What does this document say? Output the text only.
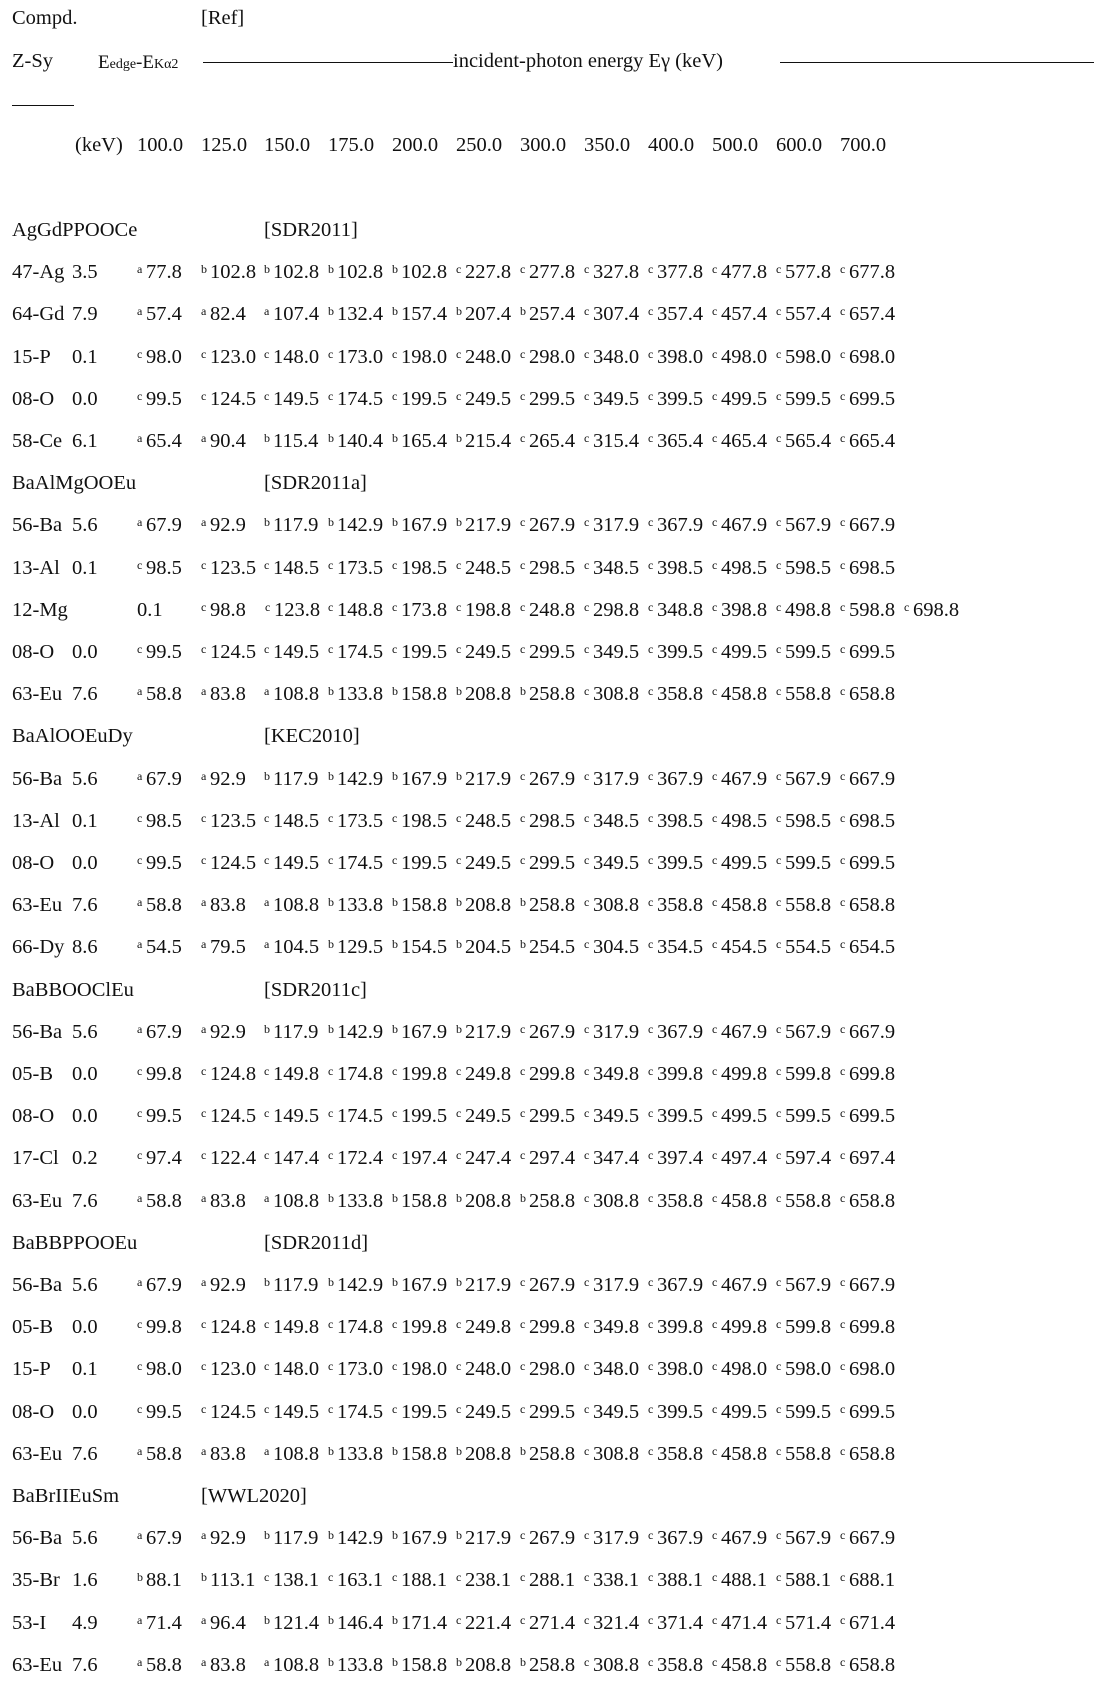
Compd.	[Ref]
Z-Sy Eedge-EKα2	incident-photon energy Eγ (keV)
(keV) 100.0 125.0 150.0 175.0 200.0 250.0 300.0 350.0 400.0 500.0 600.0 700.0
AgGdPPOOCe	[SDR2011]
47-Ag 3.5	a 77.8 b 102.8 b 102.8 b 102.8 b 102.8 c 227.8 c 277.8 c 327.8 c 377.8 c 477.8 c 577.8 c 677.8
64-Gd 7.9	a 57.4 a 82.4 a 107.4 b 132.4 b 157.4 b 207.4 b 257.4 c 307.4 c 357.4 c 457.4 c 557.4 c 657.4
15-P 0.1	c 98.0 c 123.0 c 148.0 c 173.0 c 198.0 c 248.0 c 298.0 c 348.0 c 398.0 c 498.0 c 598.0 c 698.0
08-O 0.0	c 99.5 c 124.5 c 149.5 c 174.5 c 199.5 c 249.5 c 299.5 c 349.5 c 399.5 c 499.5 c 599.5 c 699.5
58-Ce 6.1	a 65.4 a 90.4 b 115.4 b 140.4 b 165.4 b 215.4 c 265.4 c 315.4 c 365.4 c 465.4 c 565.4 c 665.4
BaAlMgOOEu	[SDR2011a]
56-Ba 5.6	a 67.9 a 92.9 b 117.9 b 142.9 b 167.9 b 217.9 c 267.9 c 317.9 c 367.9 c 467.9 c 567.9 c 667.9
13-Al 0.1	c 98.5 c 123.5 c 148.5 c 173.5 c 198.5 c 248.5 c 298.5 c 348.5 c 398.5 c 498.5 c 598.5 c 698.5
12-Mg	0.1	c 98.8 c 123.8 c 148.8 c 173.8 c 198.8 c 248.8 c 298.8 c 348.8 c 398.8 c 498.8 c 598.8 c 698.8
08-O 0.0	c 99.5 c 124.5 c 149.5 c 174.5 c 199.5 c 249.5 c 299.5 c 349.5 c 399.5 c 499.5 c 599.5 c 699.5
63-Eu 7.6	a 58.8 a 83.8 a 108.8 b 133.8 b 158.8 b 208.8 b 258.8 c 308.8 c 358.8 c 458.8 c 558.8 c 658.8
BaAlOOEuDy	[KEC2010]
56-Ba 5.6	a 67.9 a 92.9 b 117.9 b 142.9 b 167.9 b 217.9 c 267.9 c 317.9 c 367.9 c 467.9 c 567.9 c 667.9
13-Al 0.1	c 98.5 c 123.5 c 148.5 c 173.5 c 198.5 c 248.5 c 298.5 c 348.5 c 398.5 c 498.5 c 598.5 c 698.5
08-O 0.0	c 99.5 c 124.5 c 149.5 c 174.5 c 199.5 c 249.5 c 299.5 c 349.5 c 399.5 c 499.5 c 599.5 c 699.5
63-Eu 7.6	a 58.8 a 83.8 a 108.8 b 133.8 b 158.8 b 208.8 b 258.8 c 308.8 c 358.8 c 458.8 c 558.8 c 658.8
66-Dy 8.6	a 54.5 a 79.5 a 104.5 b 129.5 b 154.5 b 204.5 b 254.5 c 304.5 c 354.5 c 454.5 c 554.5 c 654.5
BaBBOOClEu	[SDR2011c]
56-Ba 5.6	a 67.9 a 92.9 b 117.9 b 142.9 b 167.9 b 217.9 c 267.9 c 317.9 c 367.9 c 467.9 c 567.9 c 667.9
05-B 0.0	c 99.8 c 124.8 c 149.8 c 174.8 c 199.8 c 249.8 c 299.8 c 349.8 c 399.8 c 499.8 c 599.8 c 699.8
08-O 0.0	c 99.5 c 124.5 c 149.5 c 174.5 c 199.5 c 249.5 c 299.5 c 349.5 c 399.5 c 499.5 c 599.5 c 699.5
17-Cl 0.2	c 97.4 c 122.4 c 147.4 c 172.4 c 197.4 c 247.4 c 297.4 c 347.4 c 397.4 c 497.4 c 597.4 c 697.4
63-Eu 7.6	a 58.8 a 83.8 a 108.8 b 133.8 b 158.8 b 208.8 b 258.8 c 308.8 c 358.8 c 458.8 c 558.8 c 658.8
BaBBPPOOEu	[SDR2011d]
56-Ba 5.6	a 67.9 a 92.9 b 117.9 b 142.9 b 167.9 b 217.9 c 267.9 c 317.9 c 367.9 c 467.9 c 567.9 c 667.9
05-B 0.0	c 99.8 c 124.8 c 149.8 c 174.8 c 199.8 c 249.8 c 299.8 c 349.8 c 399.8 c 499.8 c 599.8 c 699.8
15-P 0.1	c 98.0 c 123.0 c 148.0 c 173.0 c 198.0 c 248.0 c 298.0 c 348.0 c 398.0 c 498.0 c 598.0 c 698.0
08-O 0.0	c 99.5 c 124.5 c 149.5 c 174.5 c 199.5 c 249.5 c 299.5 c 349.5 c 399.5 c 499.5 c 599.5 c 699.5
63-Eu 7.6	a 58.8 a 83.8 a 108.8 b 133.8 b 158.8 b 208.8 b 258.8 c 308.8 c 358.8 c 458.8 c 558.8 c 658.8
BaBrIIEuSm	[WWL2020]
56-Ba 5.6	a 67.9 a 92.9 b 117.9 b 142.9 b 167.9 b 217.9 c 267.9 c 317.9 c 367.9 c 467.9 c 567.9 c 667.9
35-Br 1.6	b 88.1 b 113.1 c 138.1 c 163.1 c 188.1 c 238.1 c 288.1 c 338.1 c 388.1 c 488.1 c 588.1 c 688.1
53-I 4.9	a 71.4 a 96.4 b 121.4 b 146.4 b 171.4 c 221.4 c 271.4 c 321.4 c 371.4 c 471.4 c 571.4 c 671.4
63-Eu 7.6	a 58.8 a 83.8 a 108.8 b 133.8 b 158.8 b 208.8 b 258.8 c 308.8 c 358.8 c 458.8 c 558.8 c 658.8
